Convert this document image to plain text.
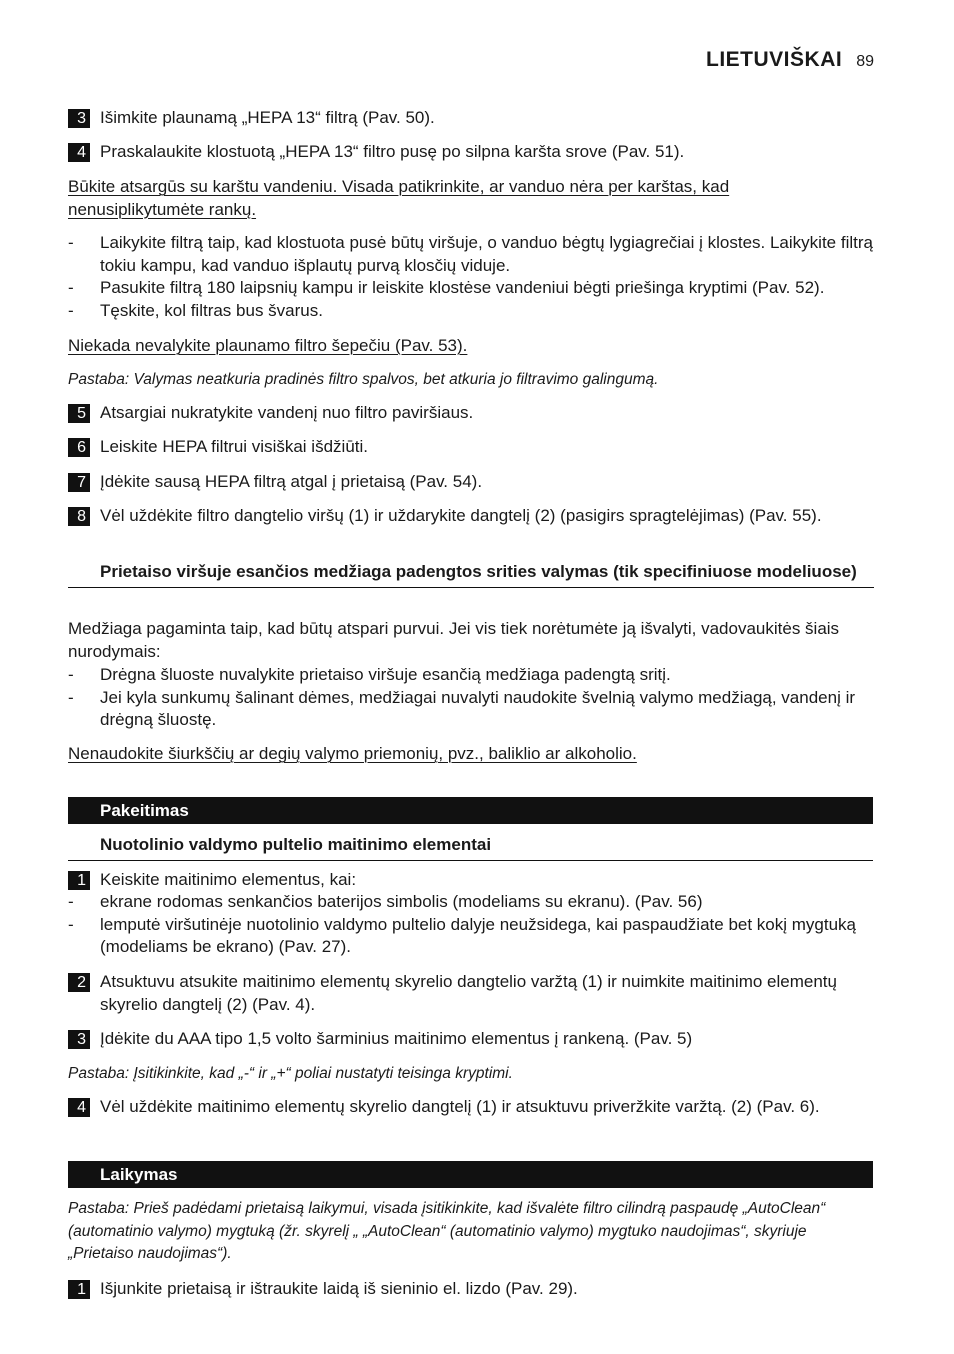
LIETUVIŠKAI 89
3 Išimkite plaunamą „HEPA 13“ filtrą (Pav. 50).
4 Praskalaukite klostuotą „HEPA 13“ filtro pusę po silpna karšta srove (Pav. 51).
Būkite atsargūs su karštu vandeniu. Visada patikrinkite, ar vanduo nėra per karštas, kad
nenusiplikytumėte rankų.
- Laikykite filtrą taip, kad klostuota pusė būtų viršuje, o vanduo bėgtų lygiagrečiai į klostes. Laikykite filtrą tokiu kampu, kad vanduo išplautų purvą klosčių viduje.
- Pasukite filtrą 180 laipsnių kampu ir leiskite klostėse vandeniui bėgti priešinga kryptimi (Pav. 52).
- Tęskite, kol filtras bus švarus.
Niekada nevalykite plaunamo filtro šepečiu (Pav. 53).
Pastaba: Valymas neatkuria pradinės filtro spalvos, bet atkuria jo filtravimo galingumą.
5 Atsargiai nukratykite vandenį nuo filtro paviršiaus.
6 Leiskite HEPA filtrui visiškai išdžiūti.
7 Įdėkite sausą HEPA filtrą atgal į prietaisą (Pav. 54).
8 Vėl uždėkite filtro dangtelio viršų (1) ir uždarykite dangtelį (2) (pasigirs spragtelėjimas) (Pav. 55).
Prietaiso viršuje esančios medžiaga padengtos srities valymas (tik specifiniuose modeliuose)
Medžiaga pagaminta taip, kad būtų atspari purvui. Jei vis tiek norėtumėte ją išvalyti, vadovaukitės šiais nurodymais:
- Drėgna šluoste nuvalykite prietaiso viršuje esančią medžiaga padengtą sritį.
- Jei kyla sunkumų šalinant dėmes, medžiagai nuvalyti naudokite švelnią valymo medžiagą, vandenį ir drėgną šluostę.
Nenaudokite šiurkščių ar degių valymo priemonių, pvz., baliklio ar alkoholio.
Pakeitimas
Nuotolinio valdymo pultelio maitinimo elementai
1 Keiskite maitinimo elementus, kai:
- ekrane rodomas senkančios baterijos simbolis (modeliams su ekranu). (Pav. 56)
- lemputė viršutinėje nuotolinio valdymo pultelio dalyje neužsidega, kai paspaudžiate bet kokį mygtuką (modeliams be ekrano) (Pav. 27).
2 Atsuktuvu atsukite maitinimo elementų skyrelio dangtelio varžtą (1) ir nuimkite maitinimo elementų skyrelio dangtelį (2) (Pav. 4).
3 Įdėkite du AAA tipo 1,5 volto šarminius maitinimo elementus į rankeną. (Pav. 5)
Pastaba: Įsitikinkite, kad „-“ ir „+“ poliai nustatyti teisinga kryptimi.
4 Vėl uždėkite maitinimo elementų skyrelio dangtelį (1) ir atsuktuvu priveržkite varžtą. (2) (Pav. 6).
Laikymas
Pastaba: Prieš padėdami prietaisą laikymui, visada įsitikinkite, kad išvalėte filtro cilindrą paspaudę „AutoClean“ (automatinio valymo) mygtuką (žr. skyrelį „ „AutoClean“ (automatinio valymo) mygtuko naudojimas“, skyriuje „Prietaiso naudojimas“).
1 Išjunkite prietaisą ir ištraukite laidą iš sieninio el. lizdo (Pav. 29).
